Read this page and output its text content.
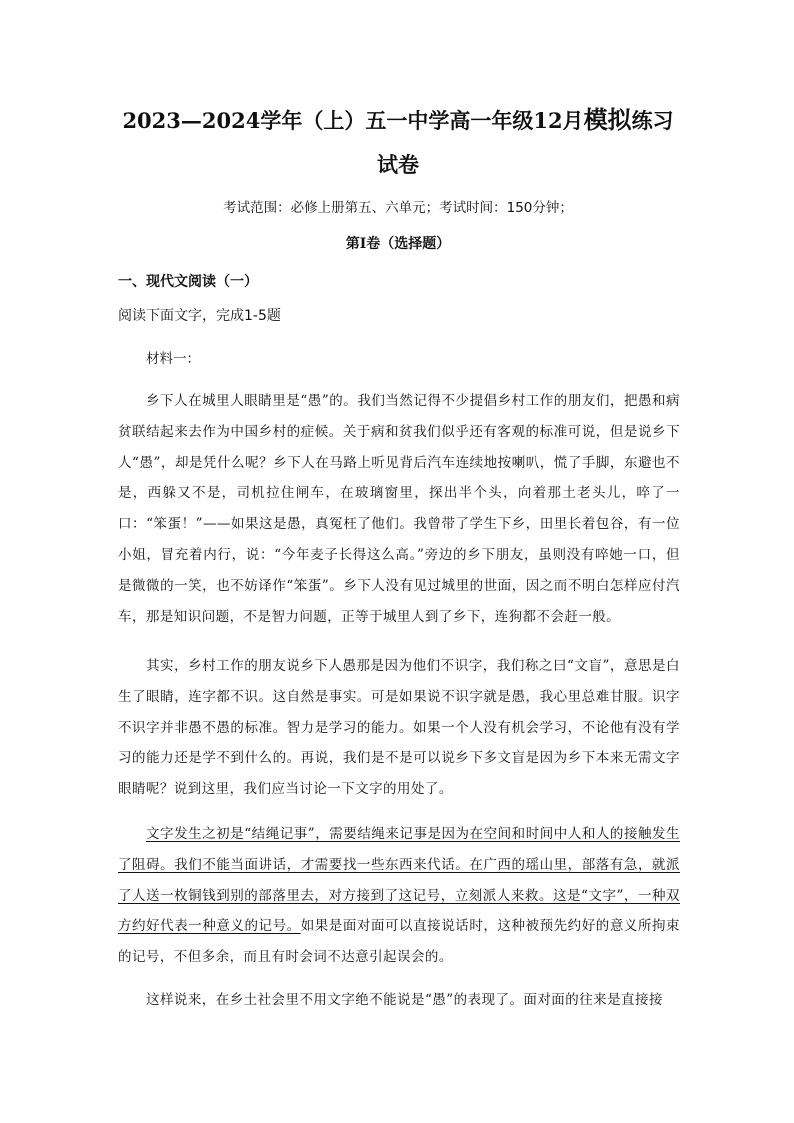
2023—2024学年（上）五一中学高一年级12月模拟练习试卷
考试范围：必修上册第五、六单元；考试时间：150分钟；
第Ⅰ卷（选择题）
一、现代文阅读（一）
阅读下面文字，完成1-5题
材料一：

乡下人在城里人眼睛里是“愚”的。我们当然记得不少提倡乡村工作的朋友们，把愚和病贫联结起来去作为中国乡村的症候。关于病和贫我们似乎还有客观的标准可说，但是说乡下人“愚”，却是凭什么呢？乡下人在马路上听见背后汽车连续地按喇叭，慌了手脚，东避也不是，西躲又不是，司机拉住闸车，在玻璃窗里，探出半个头，向着那土老头儿，啐了一口：“笨蛋！”——如果这是愚，真冤枉了他们。我曾带了学生下乡，田里长着包谷，有一位小姐，冒充着内行，说：“今年麦子长得这么高。”旁边的乡下朋友，虽则没有啐她一口，但是微微的一笑，也不妨译作“笨蛋”。乡下人没有见过城里的世面，因之而不明白怎样应付汽车，那是知识问题，不是智力问题，正等于城里人到了乡下，连狗都不会赶一般。

其实，乡村工作的朋友说乡下人愚那是因为他们不识字，我们称之曰“文盲”，意思是白生了眼睛，连字都不识。这自然是事实。可是如果说不识字就是愚，我心里总难甘服。识字不识字并非愚不愚的标准。智力是学习的能力。如果一个人没有机会学习，不论他有没有学习的能力还是学不到什么的。再说，我们是不是可以说乡下多文盲是因为乡下本来无需文字眼睛呢？说到这里，我们应当讨论一下文字的用处了。

文字发生之初是“结绳记事”，需要结绳来记事是因为在空间和时间中人和人的接触发生了阻碍。我们不能当面讲话，才需要找一些东西来代话。在广西的瑶山里，部落有急，就派了人送一枚铜钱到别的部落里去，对方接到了这记号，立刻派人来救。这是“文字”，一种双方约好代表一种意义的记号。如果是面对面可以直接说话时，这种被预先约好的意义所拘束的记号，不但多余，而且有时会词不达意引起误会的。

这样说来，在乡土社会里不用文字绝不能说是“愚”的表现了。面对面的往来是直接接
